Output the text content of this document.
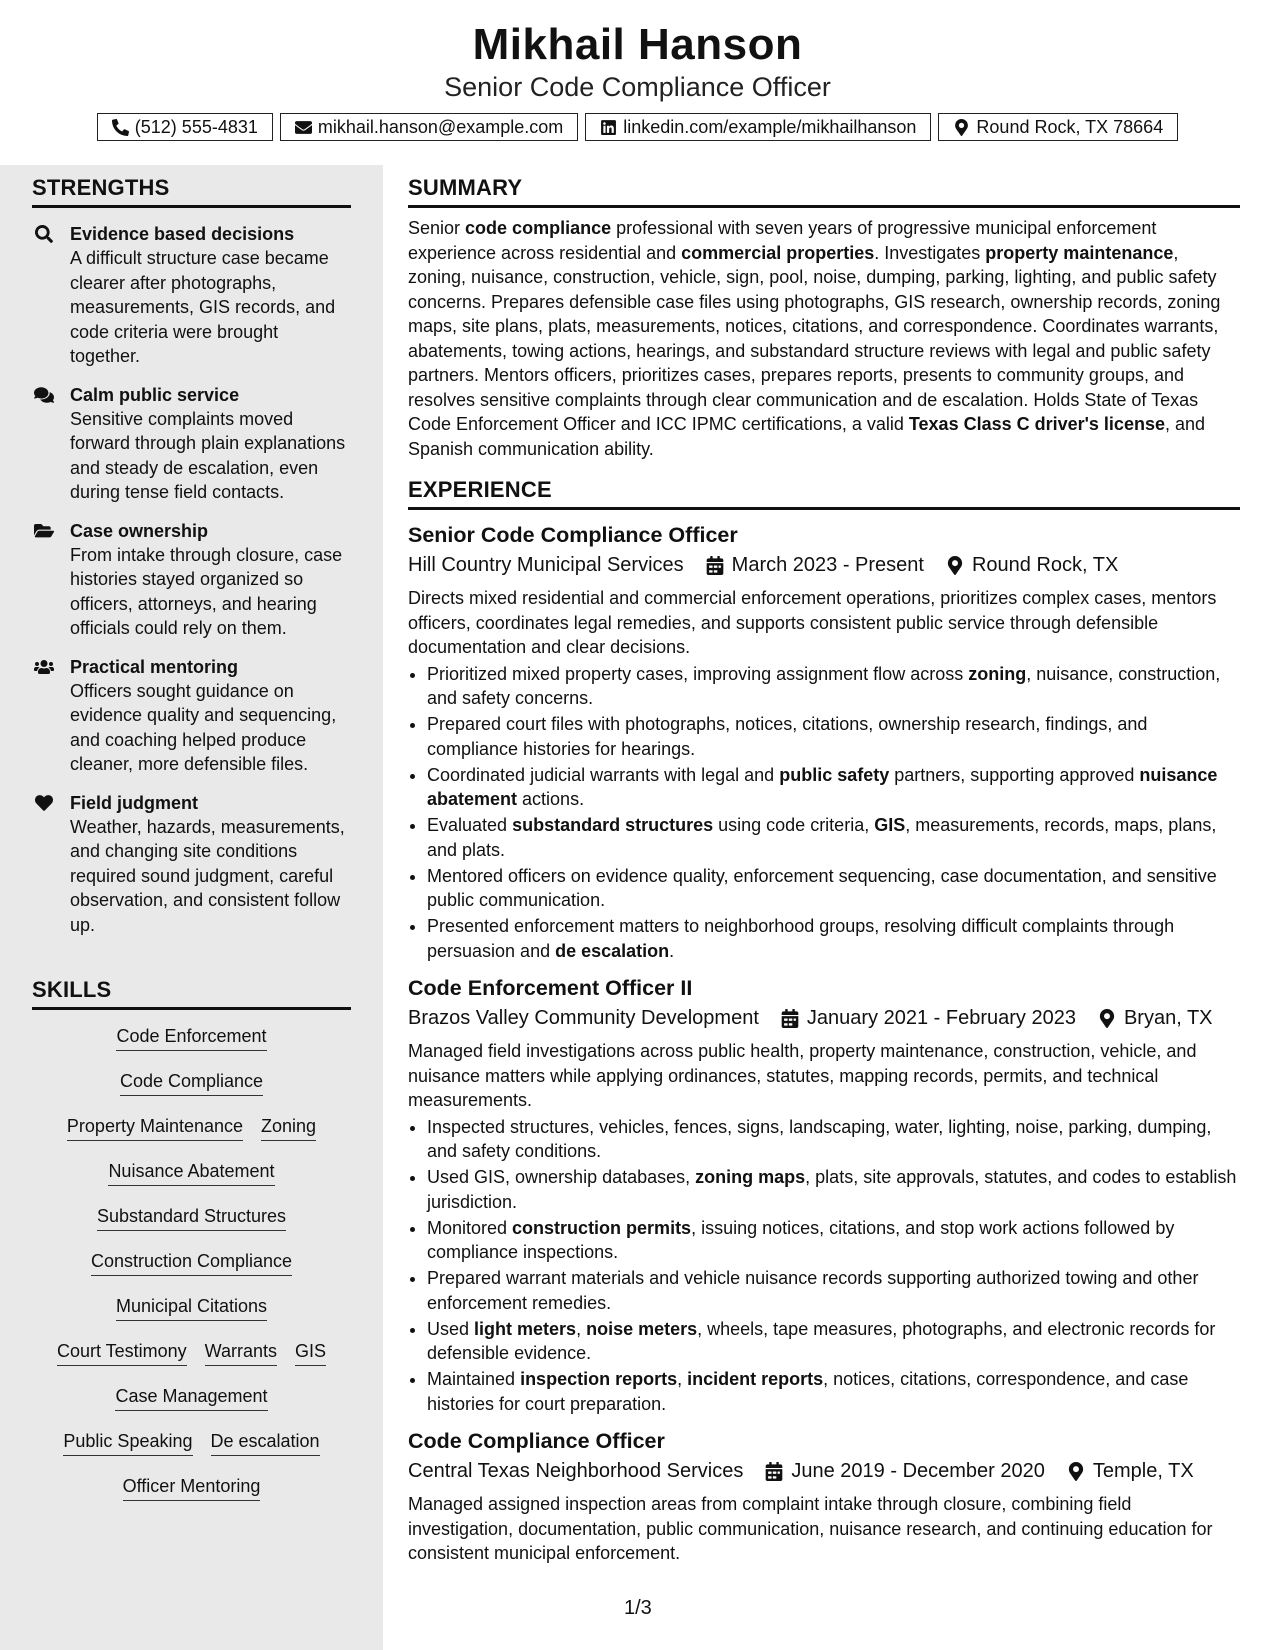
Mikhail Hanson
Senior Code Compliance Officer
(512) 555-4831	mikhail.hanson@example.com	linkedin.com/example/mikhailhanson	Round Rock, TX 78664
STRENGTHS
Evidence based decisions
A difficult structure case became clearer after photographs, measurements, GIS records, and code criteria were brought together.
Calm public service
Sensitive complaints moved forward through plain explanations and steady de escalation, even during tense field contacts.
Case ownership
From intake through closure, case histories stayed organized so officers, attorneys, and hearing officials could rely on them.
Practical mentoring
Officers sought guidance on evidence quality and sequencing, and coaching helped produce cleaner, more defensible files.
Field judgment
Weather, hazards, measurements, and changing site conditions required sound judgment, careful observation, and consistent follow up.
SKILLS
Code Enforcement
Code Compliance
Property Maintenance Zoning
Nuisance Abatement
Substandard Structures
Construction Compliance
Municipal Citations
Court Testimony Warrants GIS
Case Management
Public Speaking De escalation
Officer Mentoring
SUMMARY

Senior code compliance professional with seven years of progressive municipal enforcement experience across residential and commercial properties. Investigates property maintenance, zoning, nuisance, construction, vehicle, sign, pool, noise, dumping, parking, lighting, and public safety concerns. Prepares defensible case files using photographs, GIS research, ownership records, zoning maps, site plans, plats, measurements, notices, citations, and correspondence. Coordinates warrants, abatements, towing actions, hearings, and substandard structure reviews with legal and public safety partners. Mentors officers, prioritizes cases, prepares reports, presents to community groups, and resolves sensitive complaints through clear communication and de escalation. Holds State of Texas Code Enforcement Officer and ICC IPMC certifications, a valid Texas Class C driver's license, and Spanish communication ability.

EXPERIENCE
Senior Code Compliance Officer
Hill Country Municipal Services March 2023 - Present Round Rock, TX

Directs mixed residential and commercial enforcement operations, prioritizes complex cases, mentors officers, coordinates legal remedies, and supports consistent public service through defensible documentation and clear decisions.

• Prioritized mixed property cases, improving assignment flow across zoning, nuisance, construction, and safety concerns.
• Prepared court files with photographs, notices, citations, ownership research, findings, and compliance histories for hearings.
• Coordinated judicial warrants with legal and public safety partners, supporting approved nuisance abatement actions.
• Evaluated substandard structures using code criteria, GIS, measurements, records, maps, plans, and plats.
• Mentored officers on evidence quality, enforcement sequencing, case documentation, and sensitive public communication.
• Presented enforcement matters to neighborhood groups, resolving difficult complaints through persuasion and de escalation.
Code Enforcement Officer II
Brazos Valley Community Development January 2021 - February 2023 Bryan, TX

Managed field investigations across public health, property maintenance, construction, vehicle, and nuisance matters while applying ordinances, statutes, mapping records, permits, and technical measurements.

• Inspected structures, vehicles, fences, signs, landscaping, water, lighting, noise, parking, dumping, and safety conditions.
• Used GIS, ownership databases, zoning maps, plats, site approvals, statutes, and codes to establish jurisdiction.
• Monitored construction permits, issuing notices, citations, and stop work actions followed by compliance inspections.
• Prepared warrant materials and vehicle nuisance records supporting authorized towing and other enforcement remedies.
• Used light meters, noise meters, wheels, tape measures, photographs, and electronic records for defensible evidence.
• Maintained inspection reports, incident reports, notices, citations, correspondence, and case histories for court preparation.
Code Compliance Officer
Central Texas Neighborhood Services June 2019 - December 2020 Temple, TX

Managed assigned inspection areas from complaint intake through closure, combining field investigation, documentation, public communication, nuisance research, and continuing education for consistent municipal enforcement.

1/3
